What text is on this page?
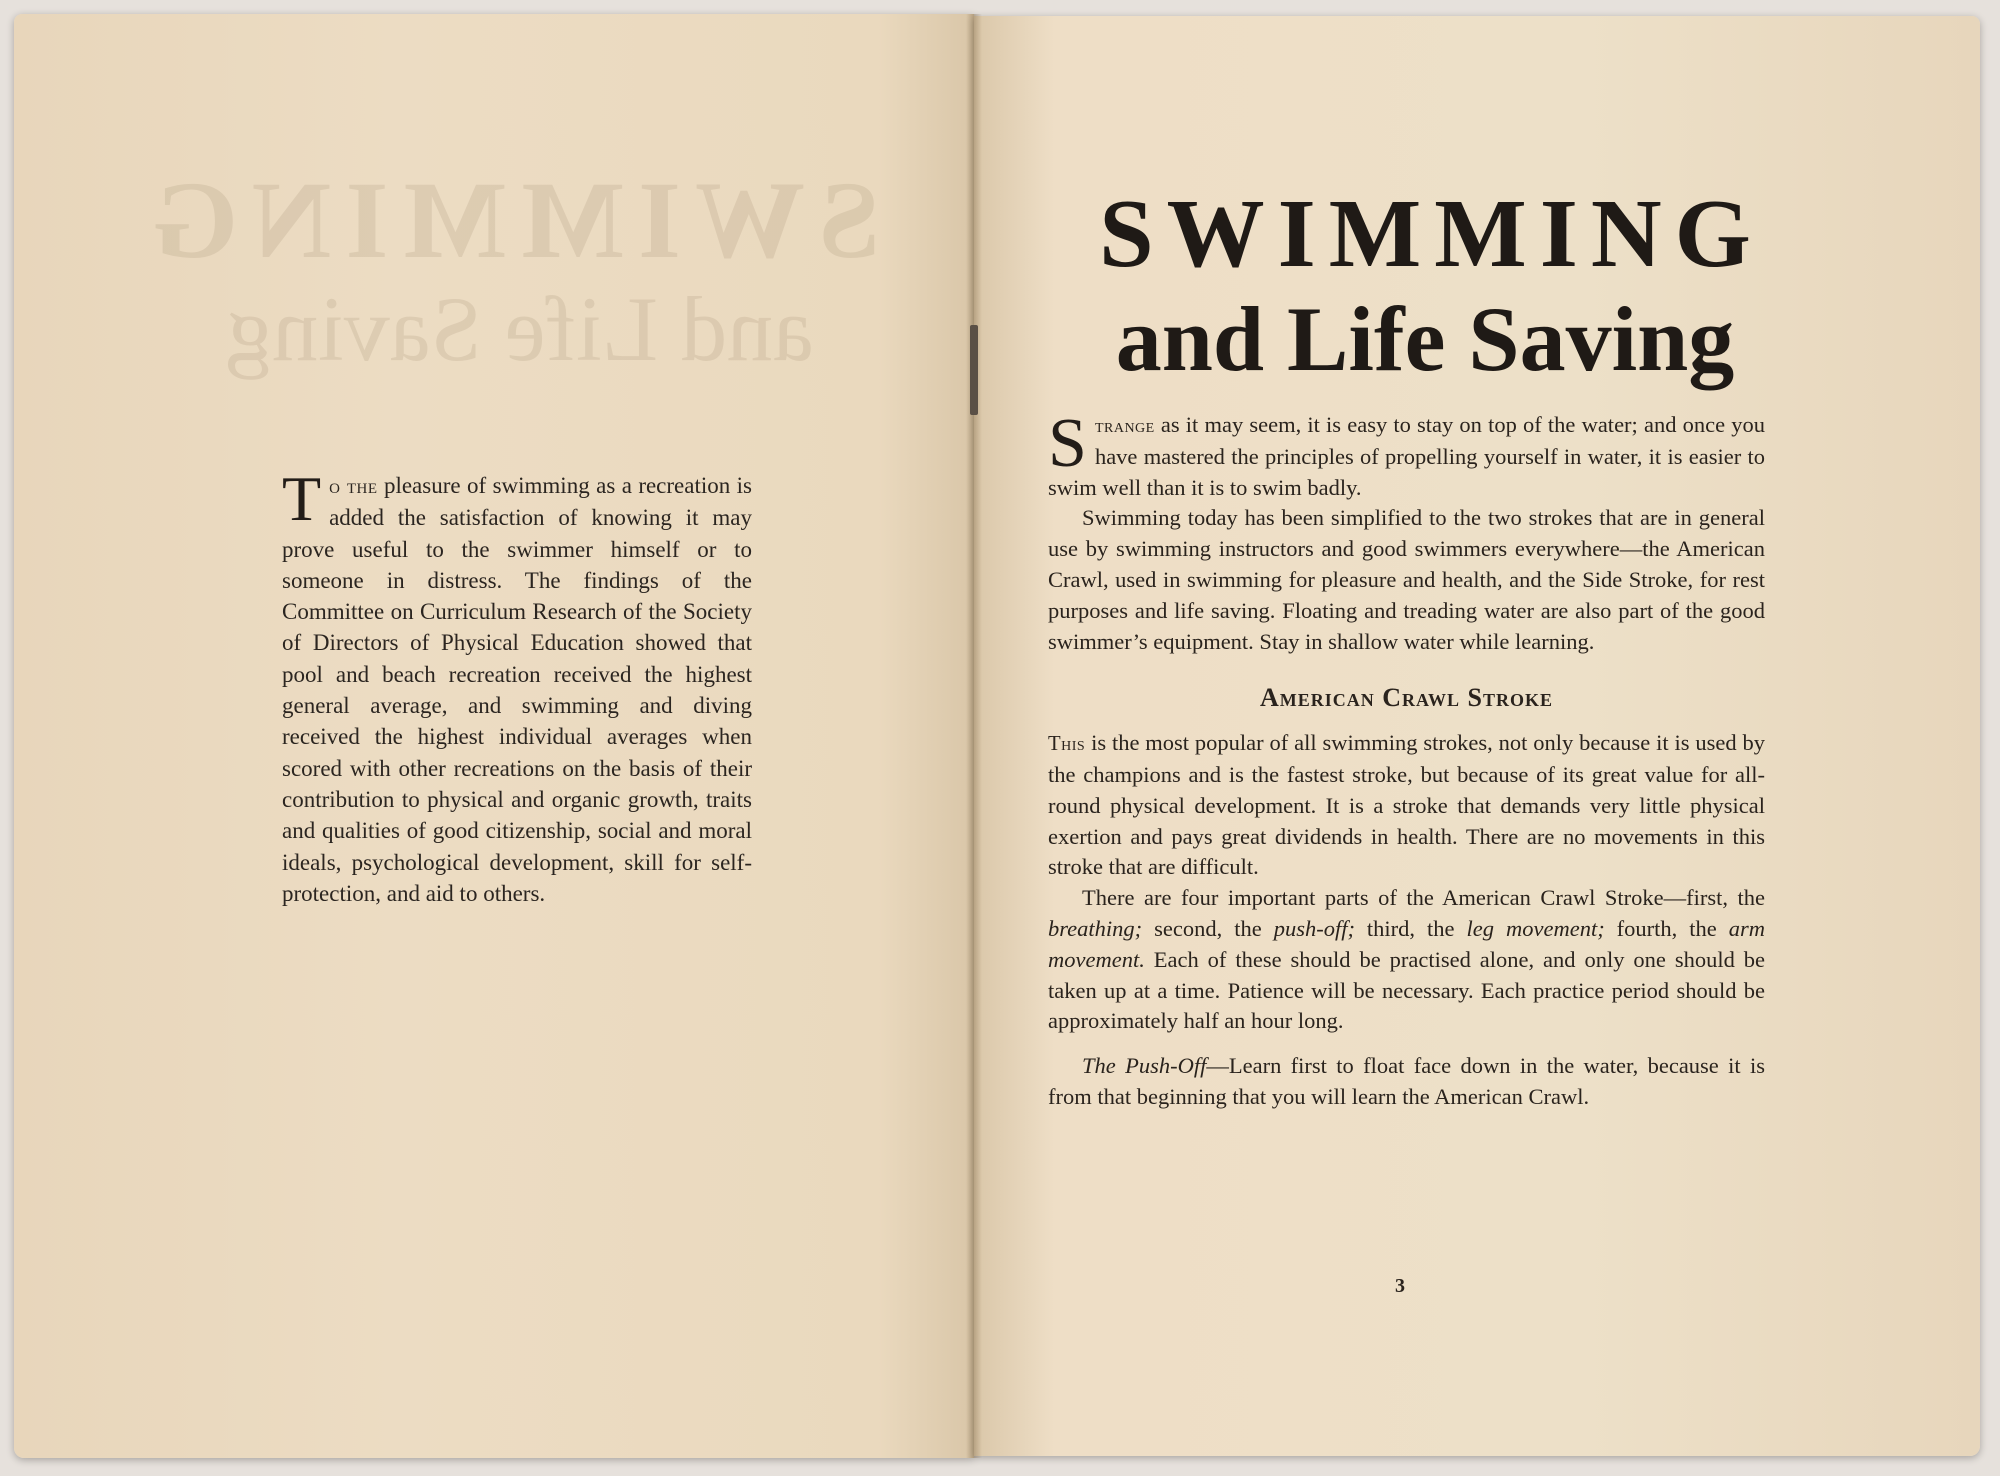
SWIMMING
and Life Saving

To the pleasure of swimming as a recreation is added the satisfaction of knowing it may prove useful to the swimmer himself or to someone in distress. The findings of the Committee on Curriculum Research of the Society of Directors of Physical Education showed that pool and beach recreation received the highest general average, and swimming and diving received the highest individual averages when scored with other recreations on the basis of their contribution to physical and organic growth, traits and qualities of good citizenship, social and moral ideals, psychological development, skill for self-protection, and aid to others.

SWIMMING
and Life Saving

Strange as it may seem, it is easy to stay on top of the water; and once you have mastered the principles of propelling yourself in water, it is easier to swim well than it is to swim badly.

Swimming today has been simplified to the two strokes that are in general use by swimming instructors and good swimmers everywhere—the American Crawl, used in swimming for pleasure and health, and the Side Stroke, for rest purposes and life saving. Floating and treading water are also part of the good swimmer’s equipment. Stay in shallow water while learning.

American Crawl Stroke

This is the most popular of all swimming strokes, not only because it is used by the champions and is the fastest stroke, but because of its great value for all-round physical development. It is a stroke that demands very little physical exertion and pays great dividends in health. There are no movements in this stroke that are difficult.

There are four important parts of the American Crawl Stroke—first, the breathing; second, the push-off; third, the leg movement; fourth, the arm movement. Each of these should be practised alone, and only one should be taken up at a time. Patience will be necessary. Each practice period should be approximately half an hour long.

The Push-Off—Learn first to float face down in the water, because it is from that beginning that you will learn the American Crawl.

3
